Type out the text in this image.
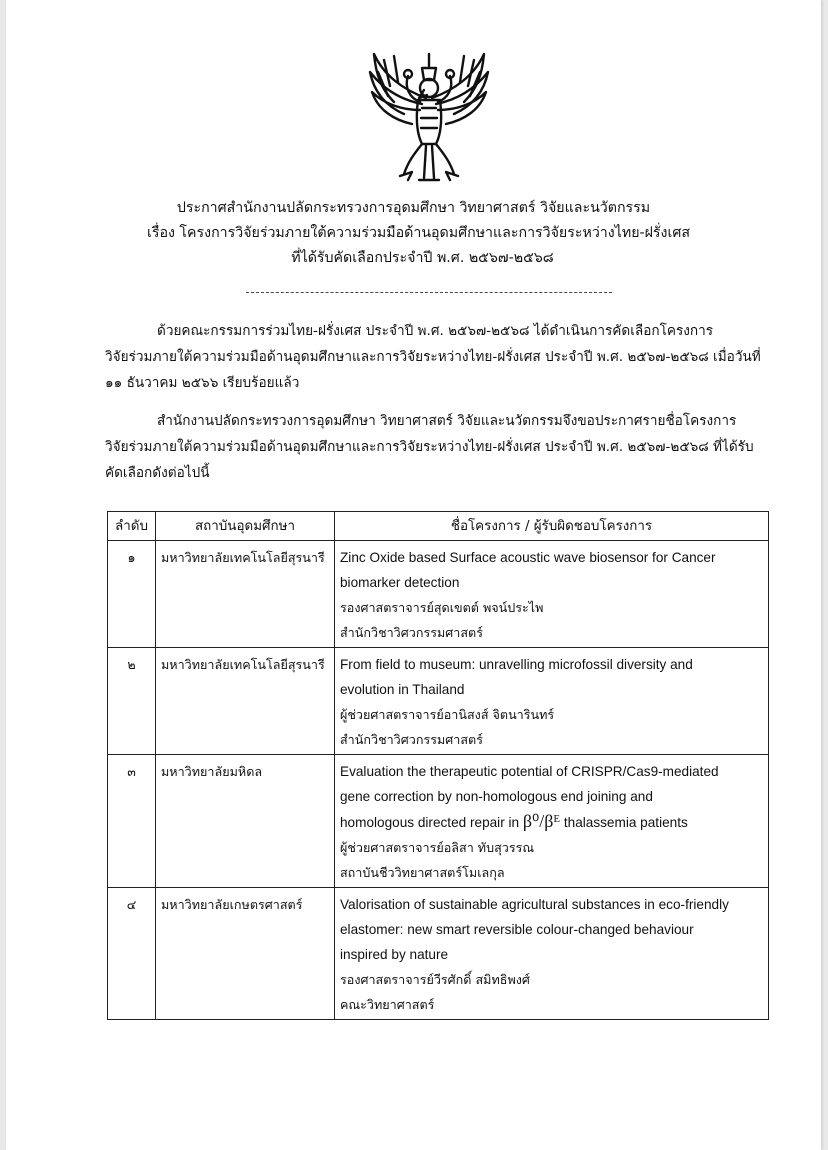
ประกาศสำนักงานปลัดกระทรวงการอุดมศึกษา วิทยาศาสตร์ วิจัยและนวัตกรรม
เรื่อง โครงการวิจัยร่วมภายใต้ความร่วมมือด้านอุดมศึกษาและการวิจัยระหว่างไทย-ฝรั่งเศส
ที่ได้รับคัดเลือกประจำปี พ.ศ. ๒๕๖๗-๒๕๖๘
ด้วยคณะกรรมการร่วมไทย-ฝรั่งเศส ประจำปี พ.ศ. ๒๕๖๗-๒๕๖๘ ได้ดำเนินการคัดเลือกโครงการ
วิจัยร่วมภายใต้ความร่วมมือด้านอุดมศึกษาและการวิจัยระหว่างไทย-ฝรั่งเศส ประจำปี พ.ศ. ๒๕๖๗-๒๕๖๘ เมื่อวันที่
๑๑ ธันวาคม ๒๕๖๖ เรียบร้อยแล้ว
สำนักงานปลัดกระทรวงการอุดมศึกษา วิทยาศาสตร์ วิจัยและนวัตกรรมจึงขอประกาศรายชื่อโครงการ
วิจัยร่วมภายใต้ความร่วมมือด้านอุดมศึกษาและการวิจัยระหว่างไทย-ฝรั่งเศส ประจำปี พ.ศ. ๒๕๖๗-๒๕๖๘ ที่ได้รับ
คัดเลือกดังต่อไปนี้
ลำดับ	สถาบันอุดมศึกษา	ชื่อโครงการ / ผู้รับผิดชอบโครงการ
๑	มหาวิทยาลัยเทคโนโลยีสุรนารี	Zinc Oxide based Surface acoustic wave biosensor for Cancer
biomarker detection
รองศาสตราจารย์สุดเขตต์ พจน์ประไพ
สำนักวิชาวิศวกรรมศาสตร์

๒	มหาวิทยาลัยเทคโนโลยีสุรนารี	From field to museum: unravelling microfossil diversity and
evolution in Thailand
ผู้ช่วยศาสตราจารย์อานิสงส์ จิตนารินทร์
สำนักวิชาวิศวกรรมศาสตร์

๓	มหาวิทยาลัยมหิดล	Evaluation the therapeutic potential of CRISPR/Cas9-mediated
gene correction by non-homologous end joining and
homologous directed repair in β⁰/βᴱ thalassemia patients
ผู้ช่วยศาสตราจารย์อลิสา ทับสุวรรณ
สถาบันชีววิทยาศาสตร์โมเลกุล

๔	มหาวิทยาลัยเกษตรศาสตร์	Valorisation of sustainable agricultural substances in eco-friendly
elastomer: new smart reversible colour-changed behaviour
inspired by nature
รองศาสตราจารย์วีรศักดิ์ สมิทธิพงศ์
คณะวิทยาศาสตร์
